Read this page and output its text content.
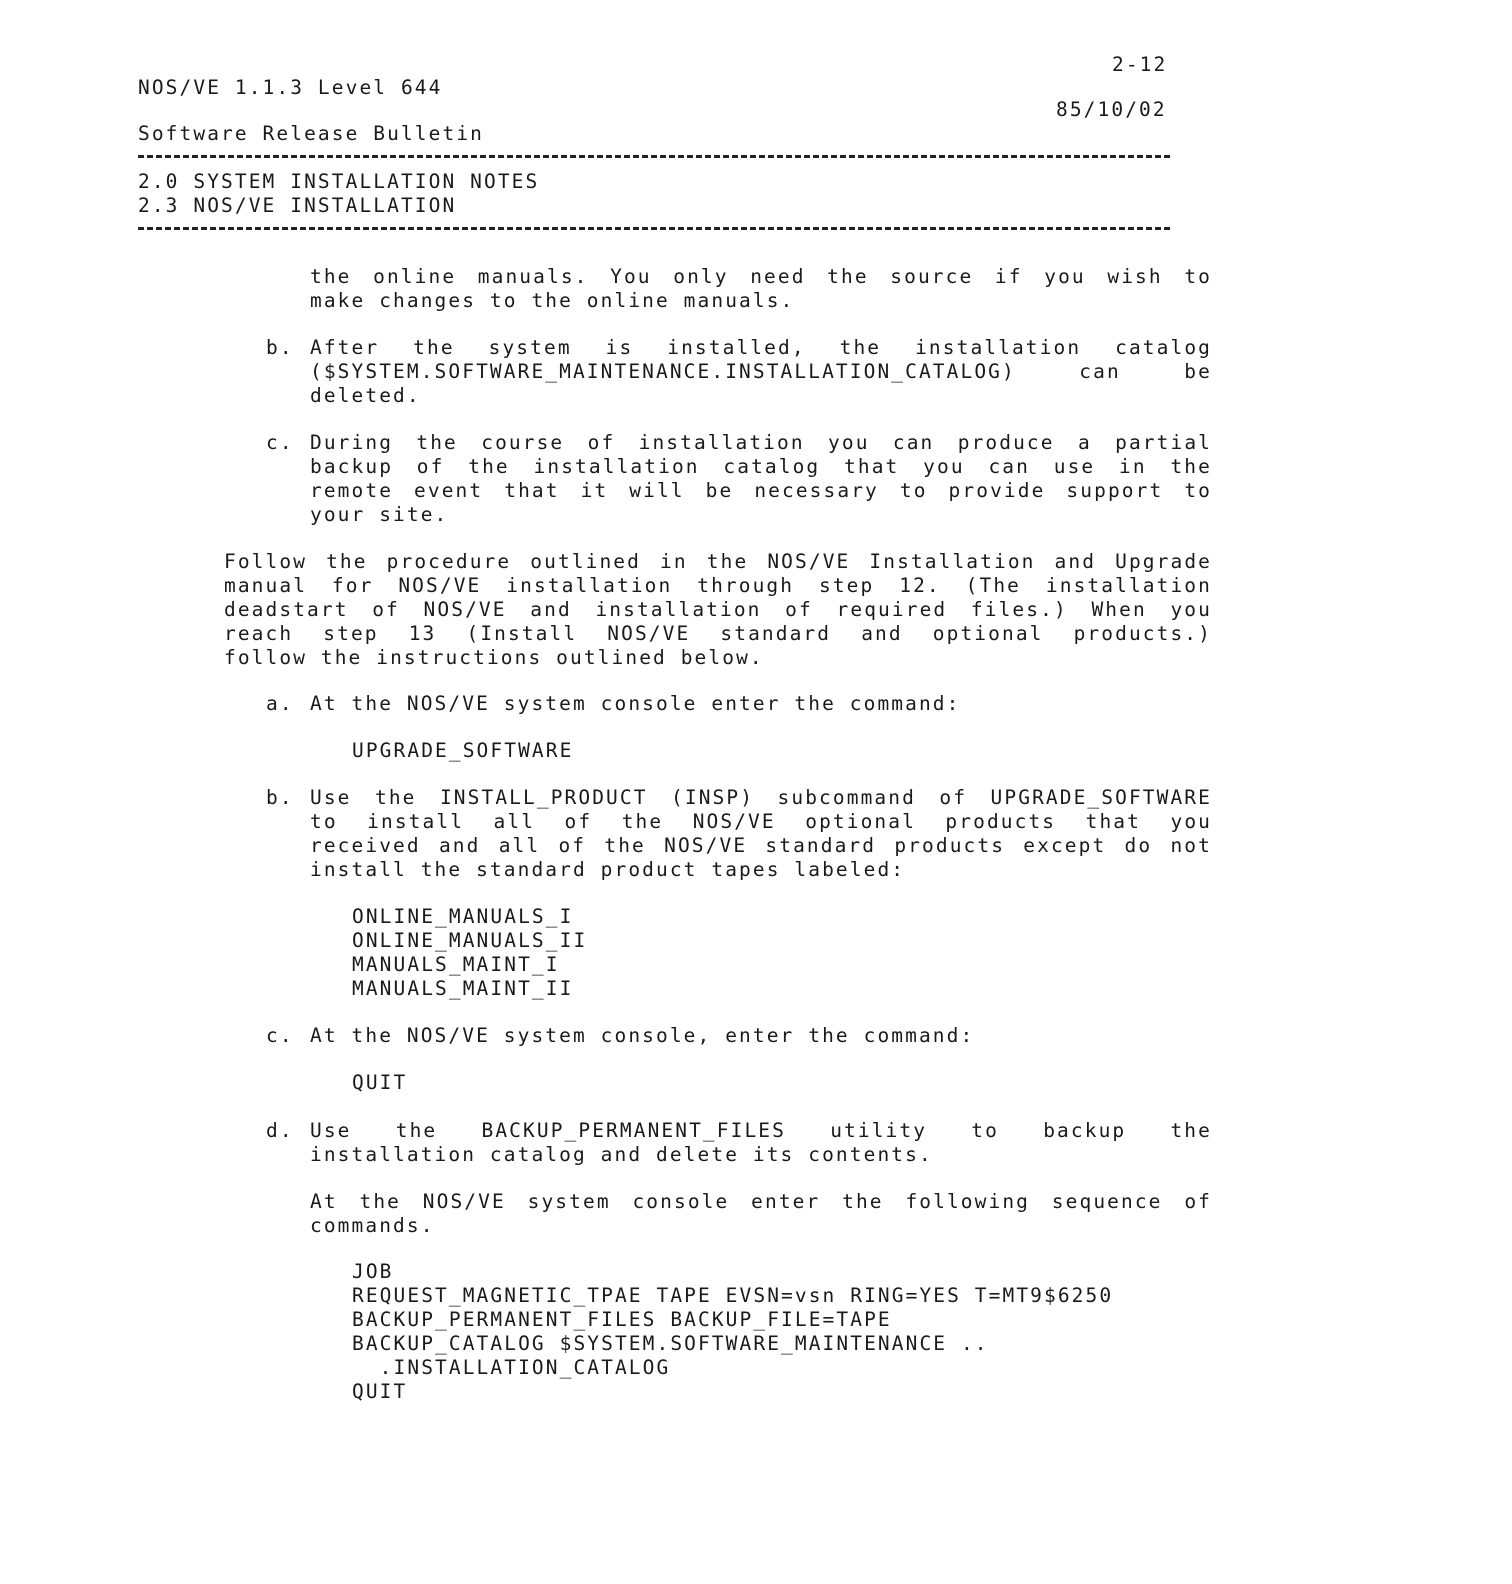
2-12
NOS/VE 1.1.3 Level 644
85/10/02
Software Release Bulletin
2.0 SYSTEM INSTALLATION NOTES
2.3 NOS/VE INSTALLATION
the online manuals. You only need the source if you wish to
make changes to the online manuals.
b. After the system is installed, the installation catalog
($SYSTEM.SOFTWARE_MAINTENANCE.INSTALLATION_CATALOG) can be
deleted.
c. During the course of installation you can produce a partial
backup of the installation catalog that you can use in the
remote event that it will be necessary to provide support to
your site.
Follow the procedure outlined in the NOS/VE Installation and Upgrade
manual for NOS/VE installation through step 12. (The installation
deadstart of NOS/VE and installation of required files.) When you
reach step 13 (Install NOS/VE standard and optional products.)
follow the instructions outlined below.
a. At the NOS/VE system console enter the command:
UPGRADE_SOFTWARE
b. Use the INSTALL_PRODUCT (INSP) subcommand of UPGRADE_SOFTWARE
to install all of the NOS/VE optional products that you
received and all of the NOS/VE standard products except do not
install the standard product tapes labeled:
ONLINE_MANUALS_I
ONLINE_MANUALS_II
MANUALS_MAINT_I
MANUALS_MAINT_II
c. At the NOS/VE system console, enter the command:
QUIT
d. Use the BACKUP_PERMANENT_FILES utility to backup the
installation catalog and delete its contents.
At the NOS/VE system console enter the following sequence of
commands.
JOB
REQUEST_MAGNETIC_TPAE TAPE EVSN=vsn RING=YES T=MT9$6250
BACKUP_PERMANENT_FILES BACKUP_FILE=TAPE
BACKUP_CATALOG $SYSTEM.SOFTWARE_MAINTENANCE ..
.INSTALLATION_CATALOG
QUIT
